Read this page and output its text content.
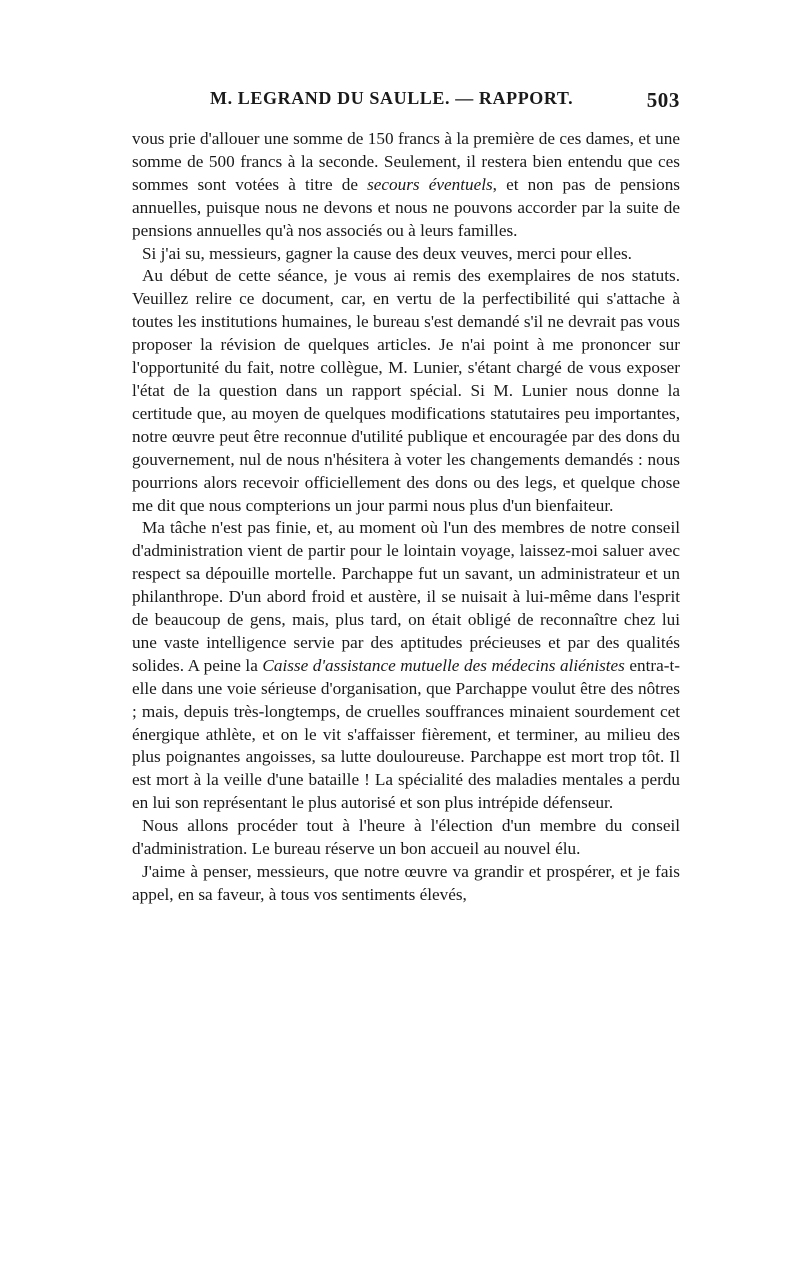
M. LEGRAND DU SAULLE. — RAPPORT.	503

vous prie d'allouer une somme de 150 francs à la première de ces dames, et une somme de 500 francs à la seconde. Seulement, il restera bien entendu que ces sommes sont votées à titre de secours éventuels, et non pas de pensions annuelles, puisque nous ne devons et nous ne pouvons accorder par la suite de pensions annuelles qu'à nos associés ou à leurs familles.

Si j'ai su, messieurs, gagner la cause des deux veuves, merci pour elles.

Au début de cette séance, je vous ai remis des exemplaires de nos statuts. Veuillez relire ce document, car, en vertu de la perfectibilité qui s'attache à toutes les institutions humaines, le bureau s'est demandé s'il ne devrait pas vous proposer la révision de quelques articles. Je n'ai point à me prononcer sur l'opportunité du fait, notre collègue, M. Lunier, s'étant chargé de vous exposer l'état de la question dans un rapport spécial. Si M. Lunier nous donne la certitude que, au moyen de quelques modifications statutaires peu importantes, notre œuvre peut être reconnue d'utilité publique et encouragée par des dons du gouvernement, nul de nous n'hésitera à voter les changements demandés : nous pourrions alors recevoir officiellement des dons ou des legs, et quelque chose me dit que nous compterions un jour parmi nous plus d'un bienfaiteur.

Ma tâche n'est pas finie, et, au moment où l'un des membres de notre conseil d'administration vient de partir pour le lointain voyage, laissez-moi saluer avec respect sa dépouille mortelle. Parchappe fut un savant, un administrateur et un philanthrope. D'un abord froid et austère, il se nuisait à lui-même dans l'esprit de beaucoup de gens, mais, plus tard, on était obligé de reconnaître chez lui une vaste intelligence servie par des aptitudes précieuses et par des qualités solides. A peine la Caisse d'assistance mutuelle des médecins aliénistes entra-t-elle dans une voie sérieuse d'organisation, que Parchappe voulut être des nôtres ; mais, depuis très-longtemps, de cruelles souffrances minaient sourdement cet énergique athlète, et on le vit s'affaisser fièrement, et terminer, au milieu des plus poignantes angoisses, sa lutte douloureuse. Parchappe est mort trop tôt. Il est mort à la veille d'une bataille ! La spécialité des maladies mentales a perdu en lui son représentant le plus autorisé et son plus intrépide défenseur.

Nous allons procéder tout à l'heure à l'élection d'un membre du conseil d'administration. Le bureau réserve un bon accueil au nouvel élu.

J'aime à penser, messieurs, que notre œuvre va grandir et prospérer, et je fais appel, en sa faveur, à tous vos sentiments élevés,
